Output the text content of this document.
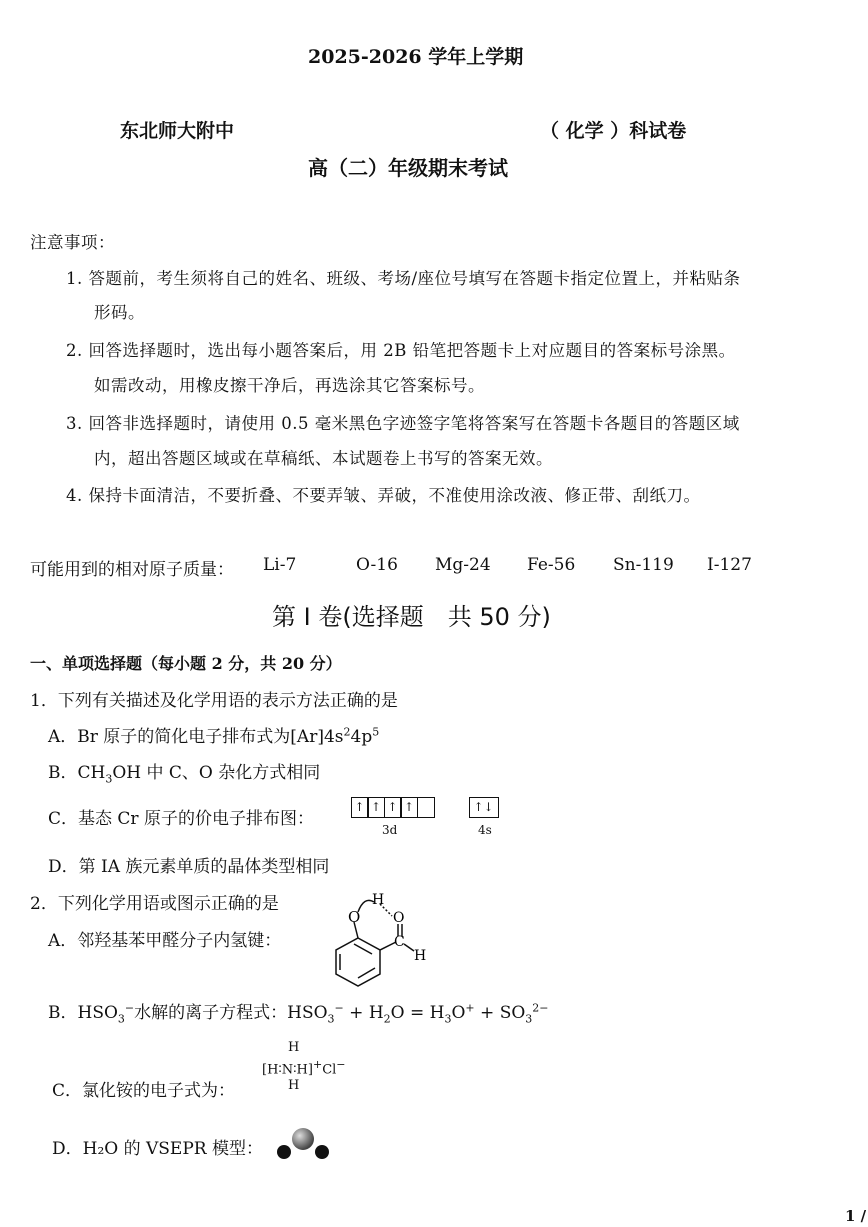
2025-2026 学年上学期
东北师大附中	（ 化学 ）科试卷
高（二）年级期末考试
注意事项：
1. 答题前，考生须将自己的姓名、班级、考场/座位号填写在答题卡指定位置上，并粘贴条
形码。
2. 回答选择题时，选出每小题答案后，用 2B 铅笔把答题卡上对应题目的答案标号涂黑。
如需改动，用橡皮擦干净后，再选涂其它答案标号。
3. 回答非选择题时，请使用 0.5 毫米黑色字迹签字笔将答案写在答题卡各题目的答题区域
内，超出答题区域或在草稿纸、本试题卷上书写的答案无效。
4. 保持卡面清洁，不要折叠、不要弄皱、弄破，不准使用涂改液、修正带、刮纸刀。
可能用到的相对原子质量： Li-7	O-16 Mg-24 Fe-56 Sn-119 I-127
第 I 卷(选择题　共 50 分)
一、单项选择题（每小题 2 分，共 20 分）
1．下列有关描述及化学用语的表示方法正确的是
A．Br 原子的简化电子排布式为$[Ar]4s^24p^5$
B．$CH_3OH$ 中 C、O 杂化方式相同
C．基态 Cr 原子的价电子排布图：
↑ ↑ ↑ ↑	↑↓
3d	4s
D．第 IA 族元素单质的晶体类型相同
2．下列化学用语或图示正确的是
A．邻羟基苯甲醛分子内氢键：
O
H
O
C
H
B．$HSO_3^-$水解的离子方程式：$HSO_3^- + H_2O = H_3O^+ + SO_3^{2-}$
C．氯化铵的电子式为：
H
[H∶N∶H]+Cl−
H
D．H₂O 的 VSEPR 模型：
1 /
